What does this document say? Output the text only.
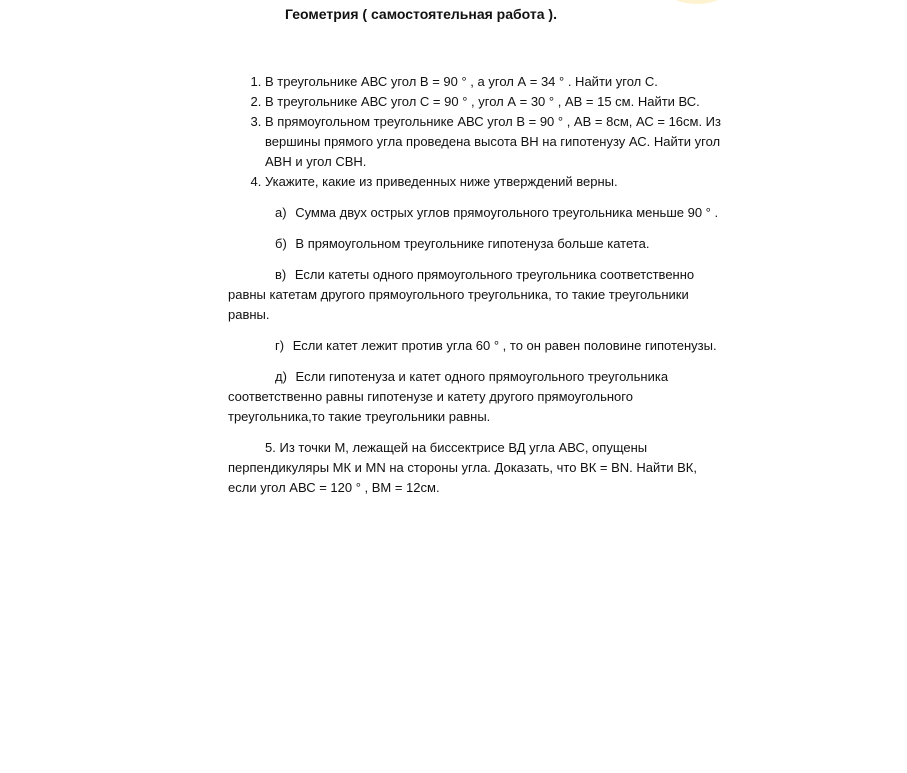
Геометрия ( самостоятельная работа ).
1. В треугольнике АВС угол В = 90 ° , а угол А = 34 ° . Найти угол С.
2. В треугольнике АВС угол С = 90 ° , угол А = 30 ° , АВ = 15 см. Найти ВС.
3. В прямоугольном треугольнике АВС угол В = 90 ° , АВ = 8см, АС = 16см. Из вершины прямого угла проведена высота ВН на гипотенузу АС. Найти угол АВН и угол СВН.
4. Укажите, какие из приведенных ниже утверждений верны.

а) Сумма двух острых углов прямоугольного треугольника меньше 90 ° .

б) В прямоугольном треугольнике гипотенуза больше катета.

в) Если катеты одного прямоугольного треугольника соответственно равны катетам другого прямоугольного треугольника, то такие треугольники равны.

г) Если катет лежит против угла 60 ° , то он равен половине гипотенузы.

д) Если гипотенуза и катет одного прямоугольного треугольника соответственно равны гипотенузе и катету другого прямоугольного треугольника,то такие треугольники равны.

5. Из точки М, лежащей на биссектрисе ВД угла АВС, опущены перпендикуляры МК и МN на стороны угла. Доказать, что ВК = BN. Найти ВК, если угол АВС = 120 ° , ВМ = 12см.
